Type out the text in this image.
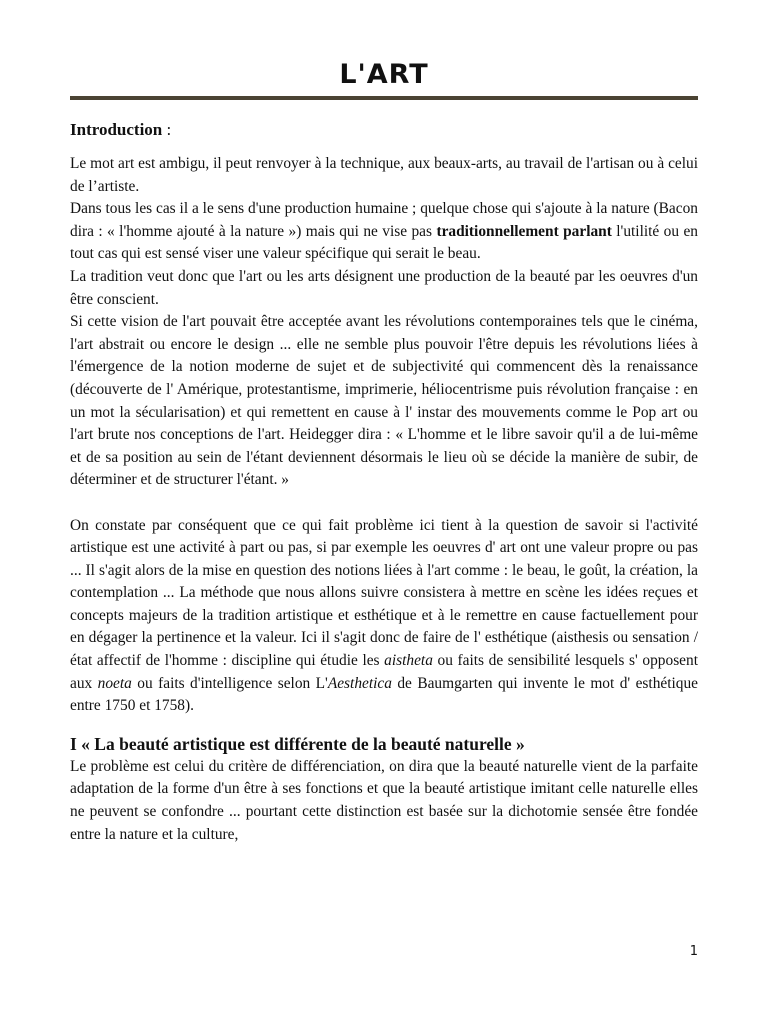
L'ART
Introduction :

Le mot art est ambigu, il peut renvoyer à la technique, aux beaux-arts, au travail de l'artisan ou à celui de l’artiste.

Dans tous les cas il a le sens d'une production humaine ; quelque chose qui s'ajoute à la nature (Bacon dira : « l'homme ajouté à la nature ») mais qui ne vise pas traditionnellement parlant l'utilité ou en tout cas qui est sensé viser une valeur spécifique qui serait le beau.

La tradition veut donc que l'art ou les arts désignent une production de la beauté par les oeuvres d'un être conscient.

Si cette vision de l'art pouvait être acceptée avant les révolutions contemporaines tels que le cinéma, l'art abstrait ou encore le design ... elle ne semble plus pouvoir l'être depuis les révolutions liées à l'émergence de la notion moderne de sujet et de subjectivité qui commencent dès la renaissance (découverte de l' Amérique, protestantisme, imprimerie, héliocentrisme puis révolution française : en un mot la sécularisation) et qui remettent en cause à l' instar des mouvements comme le Pop art ou l'art brute nos conceptions de l'art. Heidegger dira : « L'homme et le libre savoir qu'il a de lui-même et de sa position au sein de l'étant deviennent désormais le lieu où se décide la manière de subir, de déterminer et de structurer l'étant. »

On constate par conséquent que ce qui fait problème ici tient à la question de savoir si l'activité artistique est une activité à part ou pas, si par exemple les oeuvres d' art ont une valeur propre ou pas ... Il s'agit alors de la mise en question des notions liées à l'art comme : le beau, le goût, la création, la contemplation ... La méthode que nous allons suivre consistera à mettre en scène les idées reçues et concepts majeurs de la tradition artistique et esthétique et à le remettre en cause factuellement pour en dégager la pertinence et la valeur. Ici il s'agit donc de faire de l' esthétique (aisthesis ou sensation /état affectif de l'homme : discipline qui étudie les aistheta ou faits de sensibilité lesquels s' opposent aux noeta ou faits d'intelligence selon L'Aesthetica de Baumgarten qui invente le mot d' esthétique entre 1750 et 1758).

I « La beauté artistique est différente de la beauté naturelle »

Le problème est celui du critère de différenciation, on dira que la beauté naturelle vient de la parfaite adaptation de la forme d'un être à ses fonctions et que la beauté artistique imitant celle naturelle elles ne peuvent se confondre ... pourtant cette distinction est basée sur la dichotomie sensée être fondée entre la nature et la culture,

1
